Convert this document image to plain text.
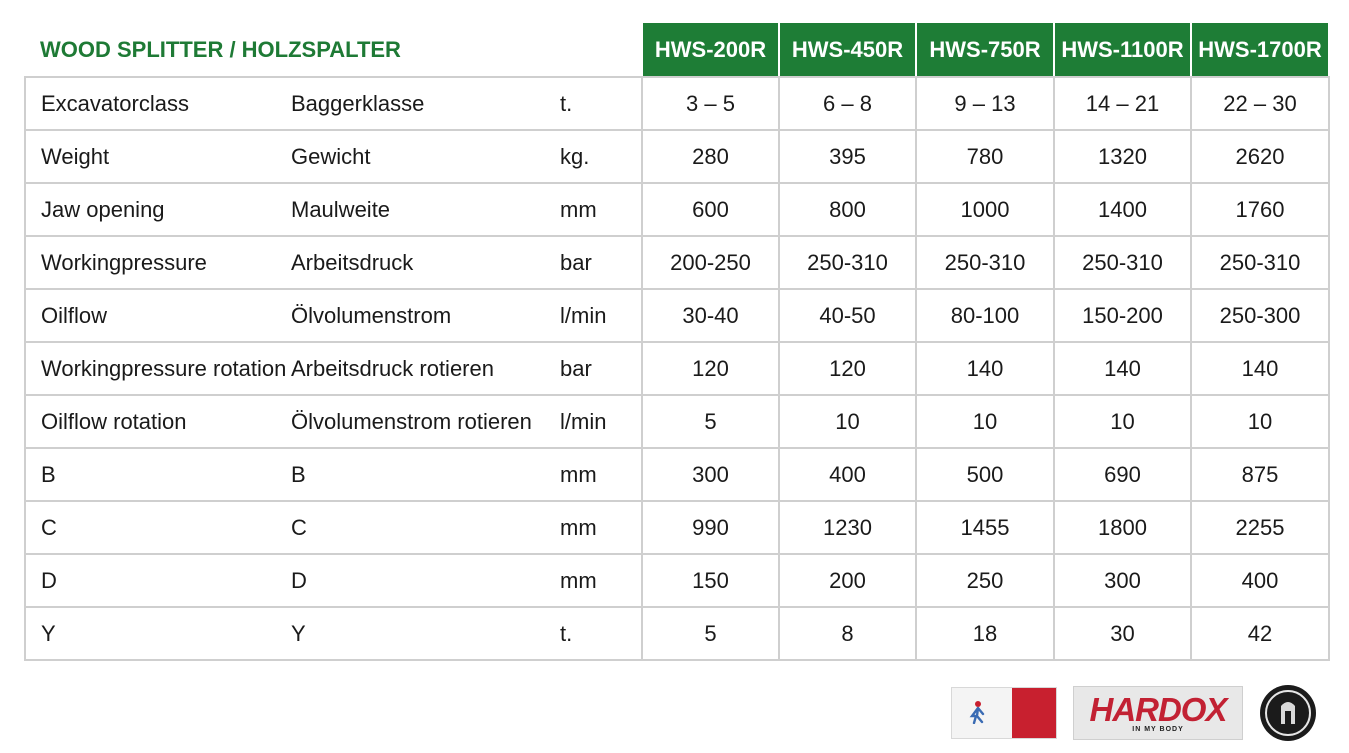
WOOD SPLITTER / HOLZSPALTER			HWS-200R	HWS-450R	HWS-750R	HWS-1100R	HWS-1700R
Excavatorclass	Baggerklasse	t.	3 – 5	6 – 8	9 – 13	14 – 21	22 – 30
Weight	Gewicht	kg.	280	395	780	1320	2620
Jaw opening	Maulweite	mm	600	800	1000	1400	1760
Workingpressure	Arbeitsdruck	bar	200-250	250-310	250-310	250-310	250-310
Oilflow	Ölvolumenstrom	l/min	30-40	40-50	80-100	150-200	250-300
Workingpressure rotation	Arbeitsdruck rotieren	bar	120	120	140	140	140
Oilflow rotation	Ölvolumenstrom rotieren	l/min	5	10	10	10	10
B	B	mm	300	400	500	690	875
C	C	mm	990	1230	1455	1800	2255
D	D	mm	150	200	250	300	400
Y	Y	t.	5	8	18	30	42
HARDOX
IN MY BODY
